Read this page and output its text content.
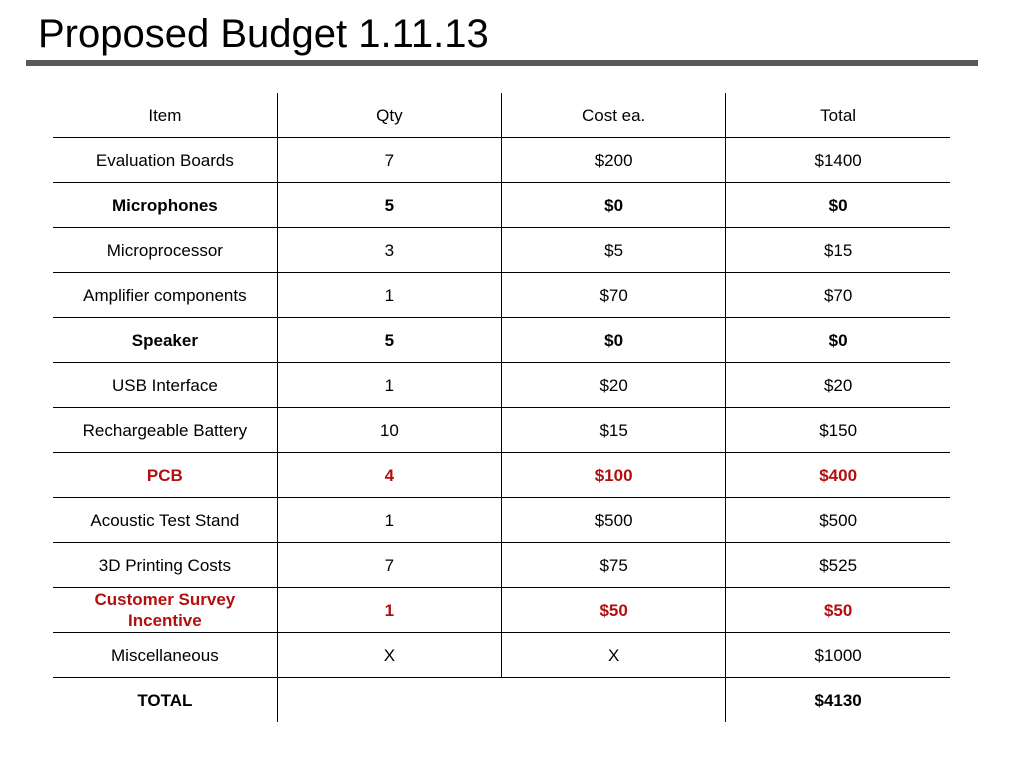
Proposed Budget 1.11.13
Item	Qty	Cost ea.	Total
Evaluation Boards	7	$200	$1400
Microphones	5	$0	$0
Microprocessor	3	$5	$15
Amplifier components	1	$70	$70
Speaker	5	$0	$0
USB Interface	1	$20	$20
Rechargeable Battery	10	$15	$150
PCB	4	$100	$400
Acoustic Test Stand	1	$500	$500
3D Printing Costs	7	$75	$525
Customer Survey Incentive	1	$50	$50
Miscellaneous	X	X	$1000
TOTAL			$4130
